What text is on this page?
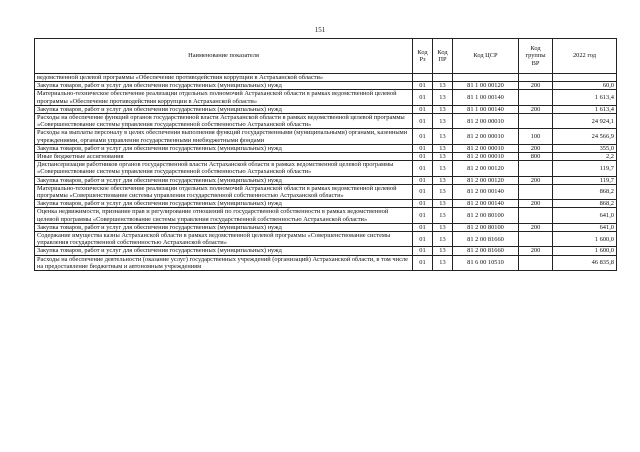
151
Наименование показателя	Код Рз	Код ПР	Код ЦСР	Код группы ВР	2022 год
ведомственной целевой программы «Обеспечение противодействия коррупции в Астраханской области»					
Закупка товаров, работ и услуг для обеспечения государственных (муниципальных) нужд	01	13	81 1 00 00120	200	60,0
Материально-техническое обеспечение реализации отдельных полномочий Астраханской области в рамках ведомственной целевой программы «Обеспечение противодействия коррупции в Астраханской области»	01	13	81 1 00 00140		1 613,4
Закупка товаров, работ и услуг для обеспечения государственных (муниципальных) нужд	01	13	81 1 00 00140	200	1 613,4
Расходы на обеспечение функций органов государственной власти Астраханской области в рамках ведомственной целевой программы «Совершенствование системы управления государственной собственностью Астраханской области»	01	13	81 2 00 00010		24 924,1
Расходы на выплаты персоналу в целях обеспечения выполнения функций государственными (муниципальными) органами, казенными учреждениями, органами управления государственными внебюджетными фондами	01	13	81 2 00 00010	100	24 566,9
Закупка товаров, работ и услуг для обеспечения государственных (муниципальных) нужд	01	13	81 2 00 00010	200	355,0
Иные бюджетные ассигнования	01	13	81 2 00 00010	800	2,2
Диспансеризация работников органов государственной власти Астраханской области в рамках ведомственной целевой программы «Совершенствование системы управления государственной собственностью Астраханской области»	01	13	81 2 00 00120		119,7
Закупка товаров, работ и услуг для обеспечения государственных (муниципальных) нужд	01	13	81 2 00 00120	200	119,7
Материально-техническое обеспечение реализации отдельных полномочий Астраханской области в рамках ведомственной целевой программы «Совершенствование системы управления государственной собственностью Астраханской области»	01	13	81 2 00 00140		868,2
Закупка товаров, работ и услуг для обеспечения государственных (муниципальных) нужд	01	13	81 2 00 00140	200	868,2
Оценка недвижимости, признание прав и регулирование отношений по государственной собственности в рамках ведомственной целевой программы «Совершенствование системы управления государственной собственностью Астраханской области»	01	13	81 2 00 80100		641,0
Закупка товаров, работ и услуг для обеспечения государственных (муниципальных) нужд	01	13	81 2 00 80100	200	641,0
Содержание имущества казны Астраханской области в рамках ведомственной целевой программы «Совершенствование системы управления государственной собственностью Астраханской области»	01	13	81 2 00 81660		1 600,0
Закупка товаров, работ и услуг для обеспечения государственных (муниципальных) нужд	01	13	81 2 00 81660	200	1 600,0
Расходы на обеспечение деятельности (оказание услуг) государственных учреждений (организаций) Астраханской области, в том числе на предоставление бюджетным и автономным учреждениям	01	13	81 6 00 10510		46 835,8
